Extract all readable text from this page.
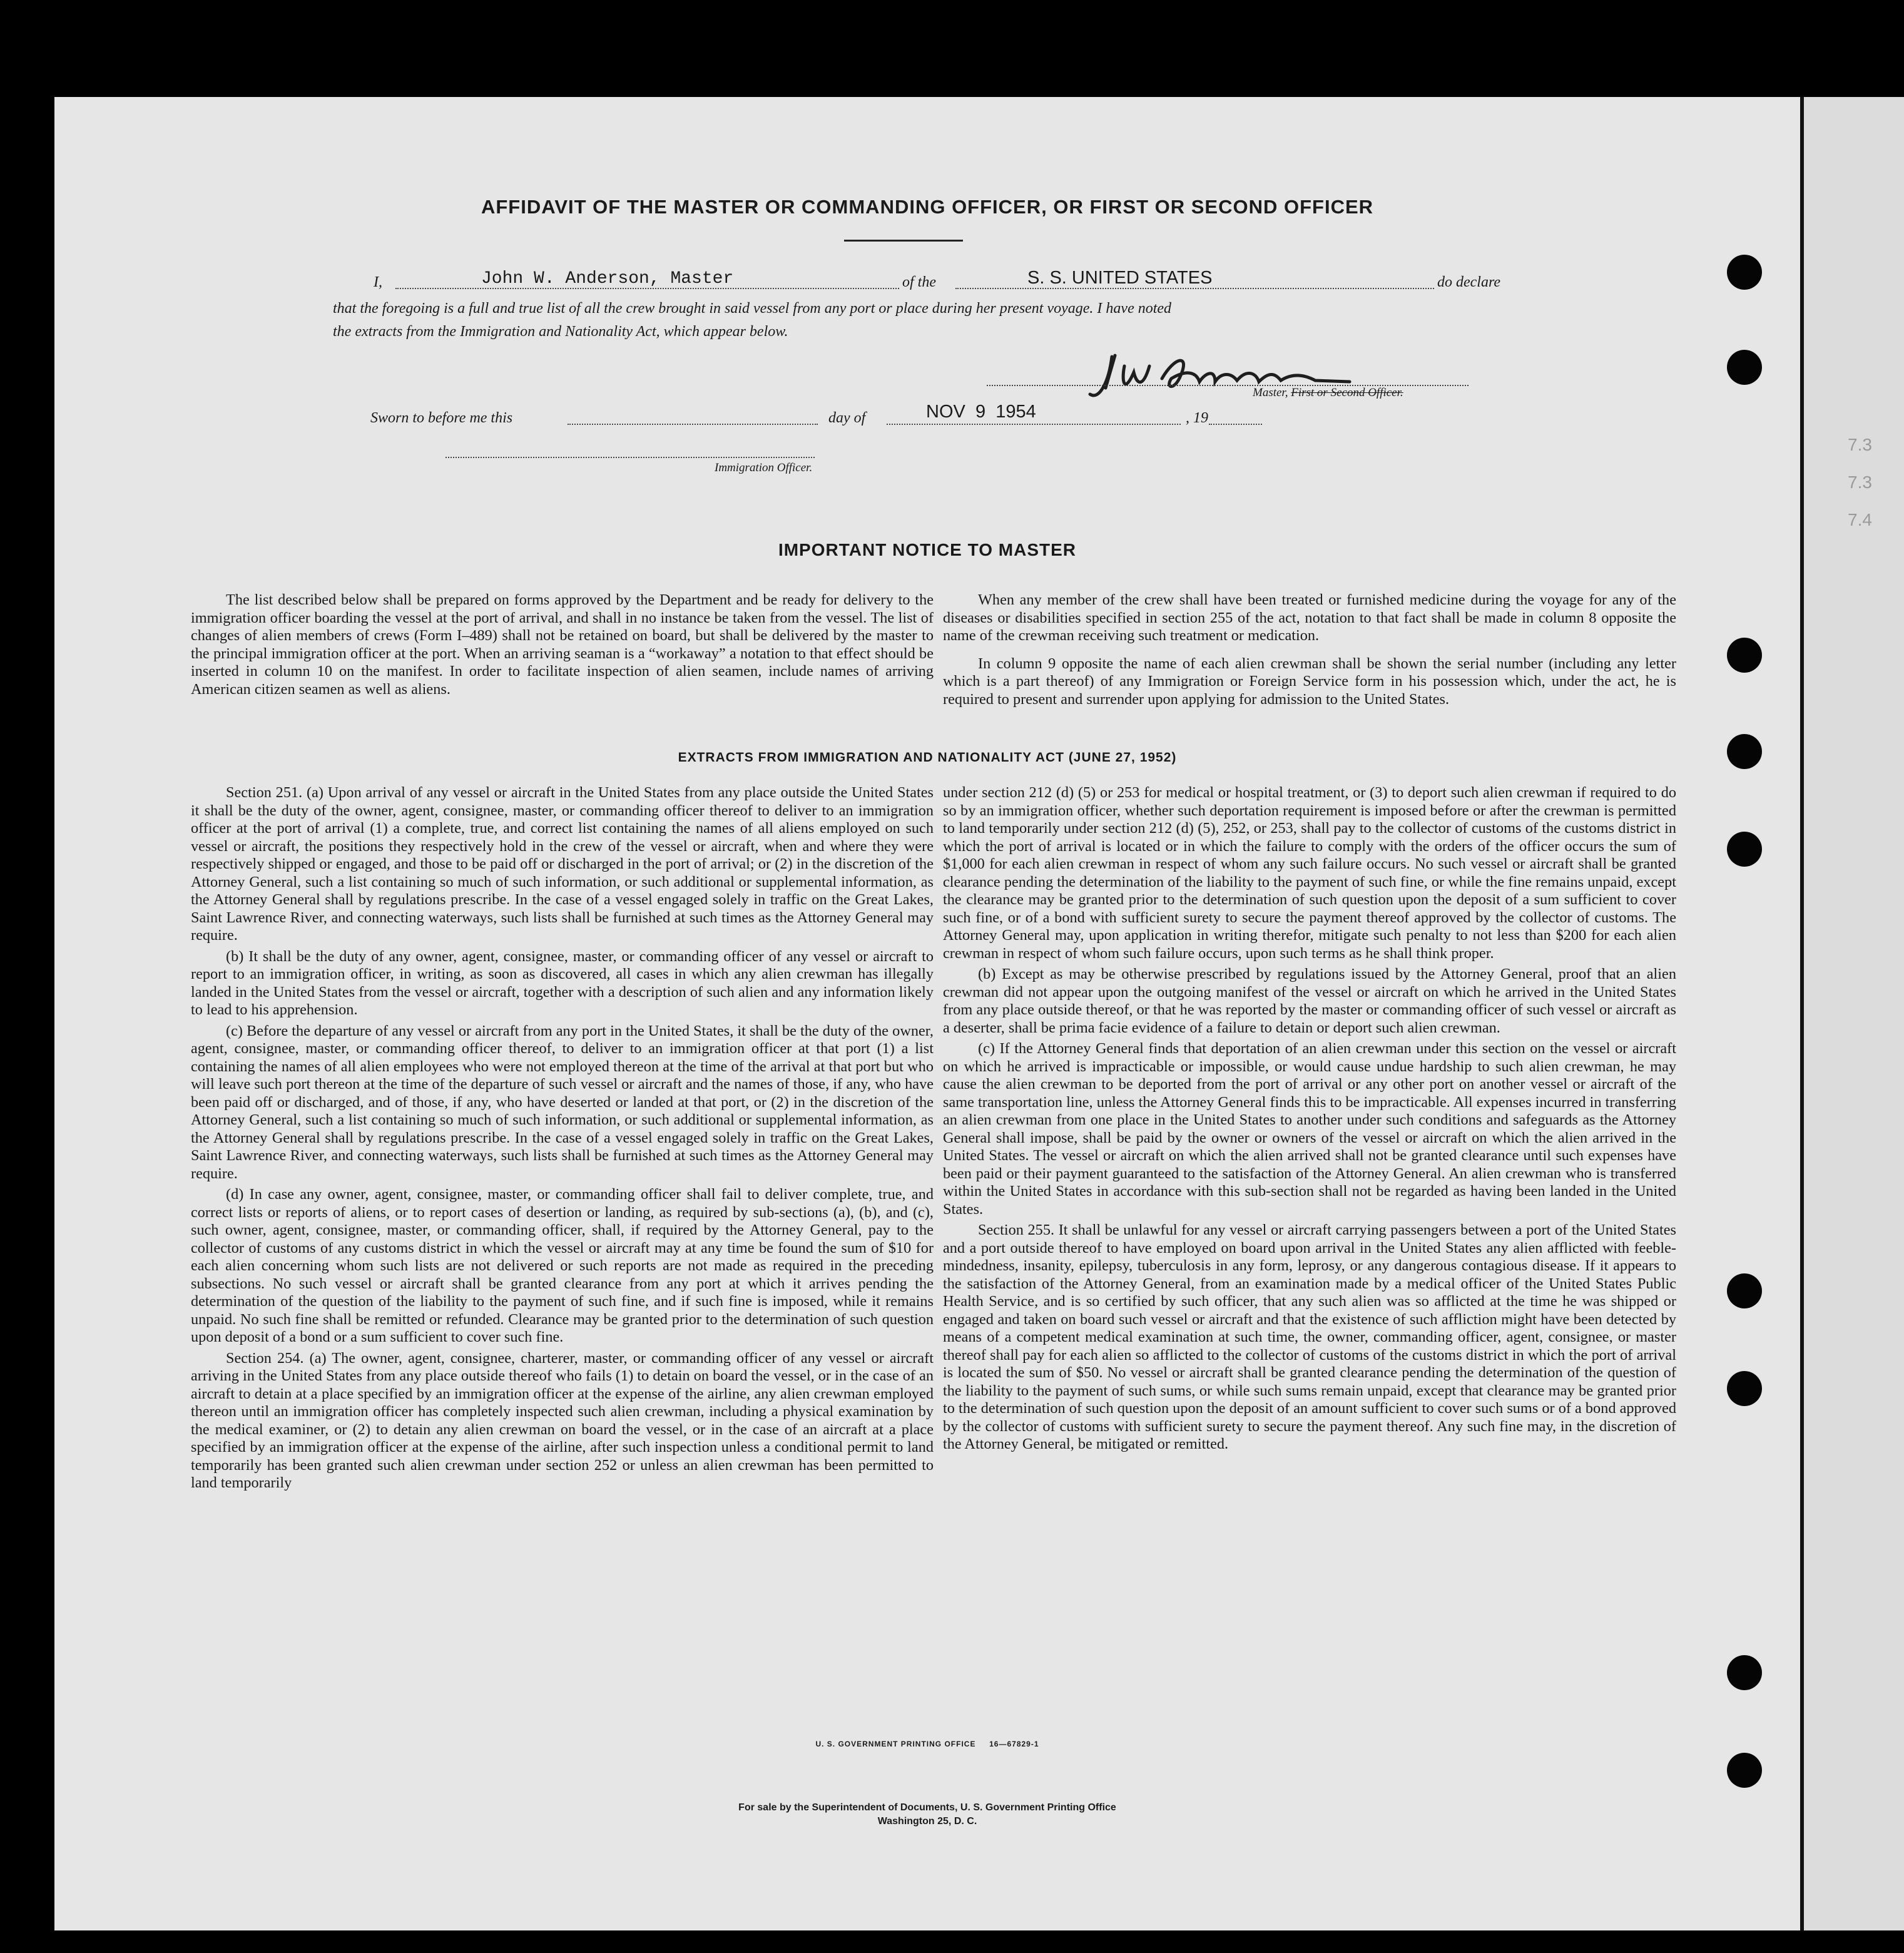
7.3
7.3
7.4
AFFIDAVIT OF THE MASTER OR COMMANDING OFFICER, OR FIRST OR SECOND OFFICER
I,	John W. Anderson, Master	of the	S. S. UNITED STATES	do declare
that the foregoing is a full and true list of all the crew brought in said vessel from any port or place during her present voyage. I have noted
the extracts from the Immigration and Nationality Act, which appear below.
Master, First or Second Officer.
Sworn to before me this	day of	NOV  9  1954	, 19
Immigration Officer.
IMPORTANT NOTICE TO MASTER

The list described below shall be prepared on forms approved by the Department and be ready for delivery to the immigration officer boarding the vessel at the port of arrival, and shall in no instance be taken from the vessel. The list of changes of alien members of crews (Form I–489) shall not be retained on board, but shall be delivered by the master to the principal immigration officer at the port. When an arriving seaman is a “workaway” a notation to that effect should be inserted in column 10 on the manifest. In order to facilitate inspection of alien seamen, include names of arriving American citizen seamen as well as aliens.

When any member of the crew shall have been treated or furnished medicine during the voyage for any of the diseases or disabilities specified in section 255 of the act, notation to that fact shall be made in column 8 opposite the name of the crewman receiving such treatment or medication.

In column 9 opposite the name of each alien crewman shall be shown the serial number (including any letter which is a part thereof) of any Immigration or Foreign Service form in his possession which, under the act, he is required to present and surrender upon applying for admission to the United States.

EXTRACTS FROM IMMIGRATION AND NATIONALITY ACT (JUNE 27, 1952)

Section 251. (a) Upon arrival of any vessel or aircraft in the United States from any place outside the United States it shall be the duty of the owner, agent, consignee, master, or commanding officer thereof to deliver to an immigration officer at the port of arrival (1) a complete, true, and correct list containing the names of all aliens employed on such vessel or aircraft, the positions they respectively hold in the crew of the vessel or aircraft, when and where they were respectively shipped or engaged, and those to be paid off or discharged in the port of arrival; or (2) in the discretion of the Attorney General, such a list containing so much of such information, or such additional or supplemental information, as the Attorney General shall by regulations prescribe. In the case of a vessel engaged solely in traffic on the Great Lakes, Saint Lawrence River, and connecting waterways, such lists shall be furnished at such times as the Attorney General may require.

(b) It shall be the duty of any owner, agent, consignee, master, or commanding officer of any vessel or aircraft to report to an immigration officer, in writing, as soon as discovered, all cases in which any alien crewman has illegally landed in the United States from the vessel or aircraft, together with a description of such alien and any information likely to lead to his apprehension.

(c) Before the departure of any vessel or aircraft from any port in the United States, it shall be the duty of the owner, agent, consignee, master, or commanding officer thereof, to deliver to an immigration officer at that port (1) a list containing the names of all alien employees who were not employed thereon at the time of the arrival at that port but who will leave such port thereon at the time of the departure of such vessel or aircraft and the names of those, if any, who have been paid off or discharged, and of those, if any, who have deserted or landed at that port, or (2) in the discretion of the Attorney General, such a list containing so much of such information, or such additional or supplemental information, as the Attorney General shall by regulations prescribe. In the case of a vessel engaged solely in traffic on the Great Lakes, Saint Lawrence River, and connecting waterways, such lists shall be furnished at such times as the Attorney General may require.

(d) In case any owner, agent, consignee, master, or commanding officer shall fail to deliver complete, true, and correct lists or reports of aliens, or to report cases of desertion or landing, as required by sub-sections (a), (b), and (c), such owner, agent, consignee, master, or commanding officer, shall, if required by the Attorney General, pay to the collector of customs of any customs district in which the vessel or aircraft may at any time be found the sum of $10 for each alien concerning whom such lists are not delivered or such reports are not made as required in the preceding subsections. No such vessel or aircraft shall be granted clearance from any port at which it arrives pending the determination of the question of the liability to the payment of such fine, and if such fine is imposed, while it remains unpaid. No such fine shall be remitted or refunded. Clearance may be granted prior to the determination of such question upon deposit of a bond or a sum sufficient to cover such fine.

Section 254. (a) The owner, agent, consignee, charterer, master, or commanding officer of any vessel or aircraft arriving in the United States from any place outside thereof who fails (1) to detain on board the vessel, or in the case of an aircraft to detain at a place specified by an immigration officer at the expense of the airline, any alien crewman employed thereon until an immigration officer has completely inspected such alien crewman, including a physical examination by the medical examiner, or (2) to detain any alien crewman on board the vessel, or in the case of an aircraft at a place specified by an immigration officer at the expense of the airline, after such inspection unless a conditional permit to land temporarily has been granted such alien crewman under section 252 or unless an alien crewman has been permitted to land temporarily

under section 212 (d) (5) or 253 for medical or hospital treatment, or (3) to deport such alien crewman if required to do so by an immigration officer, whether such deportation requirement is imposed before or after the crewman is permitted to land temporarily under section 212 (d) (5), 252, or 253, shall pay to the collector of customs of the customs district in which the port of arrival is located or in which the failure to comply with the orders of the officer occurs the sum of $1,000 for each alien crewman in respect of whom any such failure occurs. No such vessel or aircraft shall be granted clearance pending the determination of the liability to the payment of such fine, or while the fine remains unpaid, except the clearance may be granted prior to the determination of such question upon the deposit of a sum sufficient to cover such fine, or of a bond with sufficient surety to secure the payment thereof approved by the collector of customs. The Attorney General may, upon application in writing therefor, mitigate such penalty to not less than $200 for each alien crewman in respect of whom such failure occurs, upon such terms as he shall think proper.

(b) Except as may be otherwise prescribed by regulations issued by the Attorney General, proof that an alien crewman did not appear upon the outgoing manifest of the vessel or aircraft on which he arrived in the United States from any place outside thereof, or that he was reported by the master or commanding officer of such vessel or aircraft as a deserter, shall be prima facie evidence of a failure to detain or deport such alien crewman.

(c) If the Attorney General finds that deportation of an alien crewman under this section on the vessel or aircraft on which he arrived is impracticable or impossible, or would cause undue hardship to such alien crewman, he may cause the alien crewman to be deported from the port of arrival or any other port on another vessel or aircraft of the same transportation line, unless the Attorney General finds this to be impracticable. All expenses incurred in transferring an alien crewman from one place in the United States to another under such conditions and safeguards as the Attorney General shall impose, shall be paid by the owner or owners of the vessel or aircraft on which the alien arrived in the United States. The vessel or aircraft on which the alien arrived shall not be granted clearance until such expenses have been paid or their payment guaranteed to the satisfaction of the Attorney General. An alien crewman who is transferred within the United States in accordance with this sub-section shall not be regarded as having been landed in the United States.

Section 255. It shall be unlawful for any vessel or aircraft carrying passengers between a port of the United States and a port outside thereof to have employed on board upon arrival in the United States any alien afflicted with feeble-mindedness, insanity, epilepsy, tuberculosis in any form, leprosy, or any dangerous contagious disease. If it appears to the satisfaction of the Attorney General, from an examination made by a medical officer of the United States Public Health Service, and is so certified by such officer, that any such alien was so afflicted at the time he was shipped or engaged and taken on board such vessel or aircraft and that the existence of such affliction might have been detected by means of a competent medical examination at such time, the owner, commanding officer, agent, consignee, or master thereof shall pay for each alien so afflicted to the collector of customs of the customs district in which the port of arrival is located the sum of $50. No vessel or aircraft shall be granted clearance pending the determination of the question of the liability to the payment of such sums, or while such sums remain unpaid, except that clearance may be granted prior to the determination of such question upon the deposit of an amount sufficient to cover such sums or of a bond approved by the collector of customs with sufficient surety to secure the payment thereof. Any such fine may, in the discretion of the Attorney General, be mitigated or remitted.

U. S. GOVERNMENT PRINTING OFFICE     16—67829-1
For sale by the Superintendent of Documents, U. S. Government Printing Office
Washington 25, D. C.
